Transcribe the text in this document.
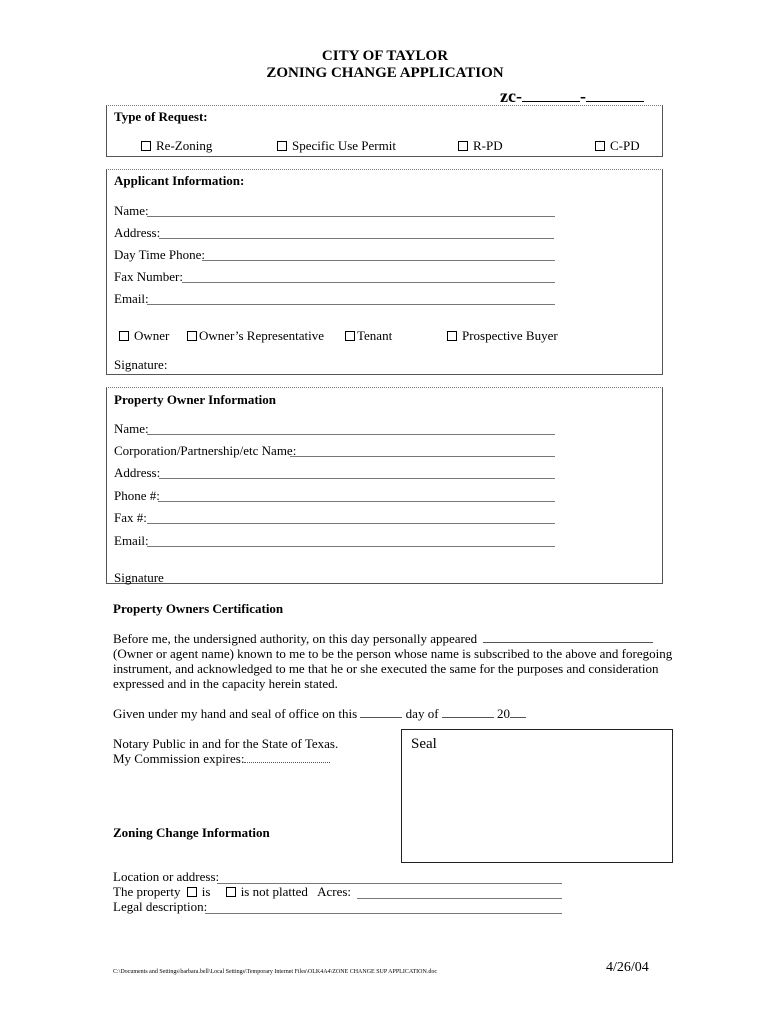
CITY OF TAYLOR
ZONING CHANGE APPLICATION
zc-	-
Type of Request:
Re-Zoning	Specific Use Permit	R-PD	C-PD
Applicant Information:
Name:
Address:
Day Time Phone:
Fax Number:
Email:
Owner	Owner’s Representative	Tenant	Prospective Buyer
Signature:
Property Owner Information
Name:
Corporation/Partnership/etc Name:
Address:
Phone #:
Fax #:
Email:
Signature
Property Owners Certification
Before me, the undersigned authority, on this day personally appeared
(Owner or agent name) known to me to be the person whose name is subscribed to the above and foregoing
instrument, and acknowledged to me that he or she executed the same for the purposes and consideration
expressed and in the capacity herein stated.
Given under my hand and seal of office on this	day of	20
Notary Public in and for the State of Texas.
My Commission expires:
Seal
Zoning Change Information
Location or address:
The property is is not platted Acres:
Legal description:
C:\Documents and Settings\barbara.bell\Local Settings\Temporary Internet Files\OLK4A4\ZONE CHANGE SUP APPLICATION.doc	4/26/04
